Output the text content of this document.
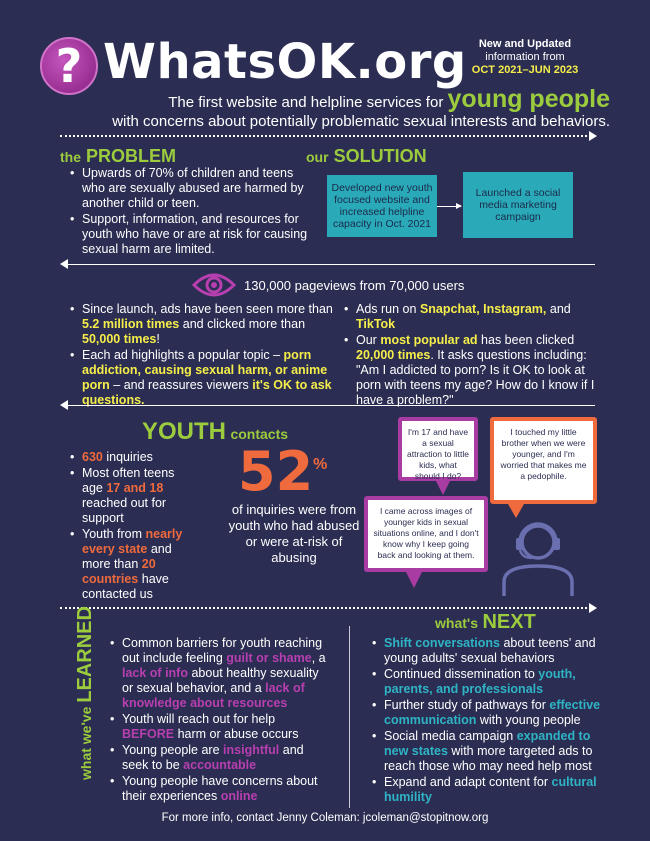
? WhatsOK.org	New and Updated
information from
OCT 2021–JUN 2023
The first website and helpline services for young people
with concerns about potentially problematic sexual interests and behaviors.
the PROBLEM
• Upwards of 70% of children and teens who are sexually abused are harmed by another child or teen.
• Support, information, and resources for youth who have or are at risk for causing sexual harm are limited.
our SOLUTION
Developed new youth focused website and increased helpline capacity in Oct. 2021
Launched a social media marketing campaign
130,000 pageviews from 70,000 users
• Since launch, ads have been seen more than 5.2 million times and clicked more than 50,000 times!
• Each ad highlights a popular topic – porn addiction, causing sexual harm, or anime porn – and reassures viewers it's OK to ask questions.
• Ads run on Snapchat, Instagram, and TikTok
• Our most popular ad has been clicked 20,000 times. It asks questions including: "Am I addicted to porn? Is it OK to look at porn with teens my age? How do I know if I have a problem?"
YOUTH contacts
• 630 inquiries
• Most often teens age 17 and 18 reached out for support
• Youth from nearly every state and more than 20 countries have contacted us
52%
of inquiries were from youth who had abused or were at-risk of abusing
I'm 17 and have a sexual attraction to little kids, what should I do?
I touched my little brother when we were younger, and I'm worried that makes me a pedophile.
I came across images of younger kids in sexual situations online, and I don't know why I keep going back and looking at them.
what we've LEARNED
•	Common barriers for youth reaching out include feeling guilt or shame, a lack of info about healthy sexuality or sexual behavior, and a lack of knowledge about resources
• Youth will reach out for help BEFORE harm or abuse occurs
• Young people are insightful and seek to be accountable
• Young people have concerns about their experiences online
what's NEXT
• Shift conversations about teens' and young adults' sexual behaviors
• Continued dissemination to youth, parents, and professionals
• Further study of pathways for effective communication with young people
• Social media campaign expanded to new states with more targeted ads to reach those who may need help most
• Expand and adapt content for cultural humility
For more info, contact Jenny Coleman: jcoleman@stopitnow.org
